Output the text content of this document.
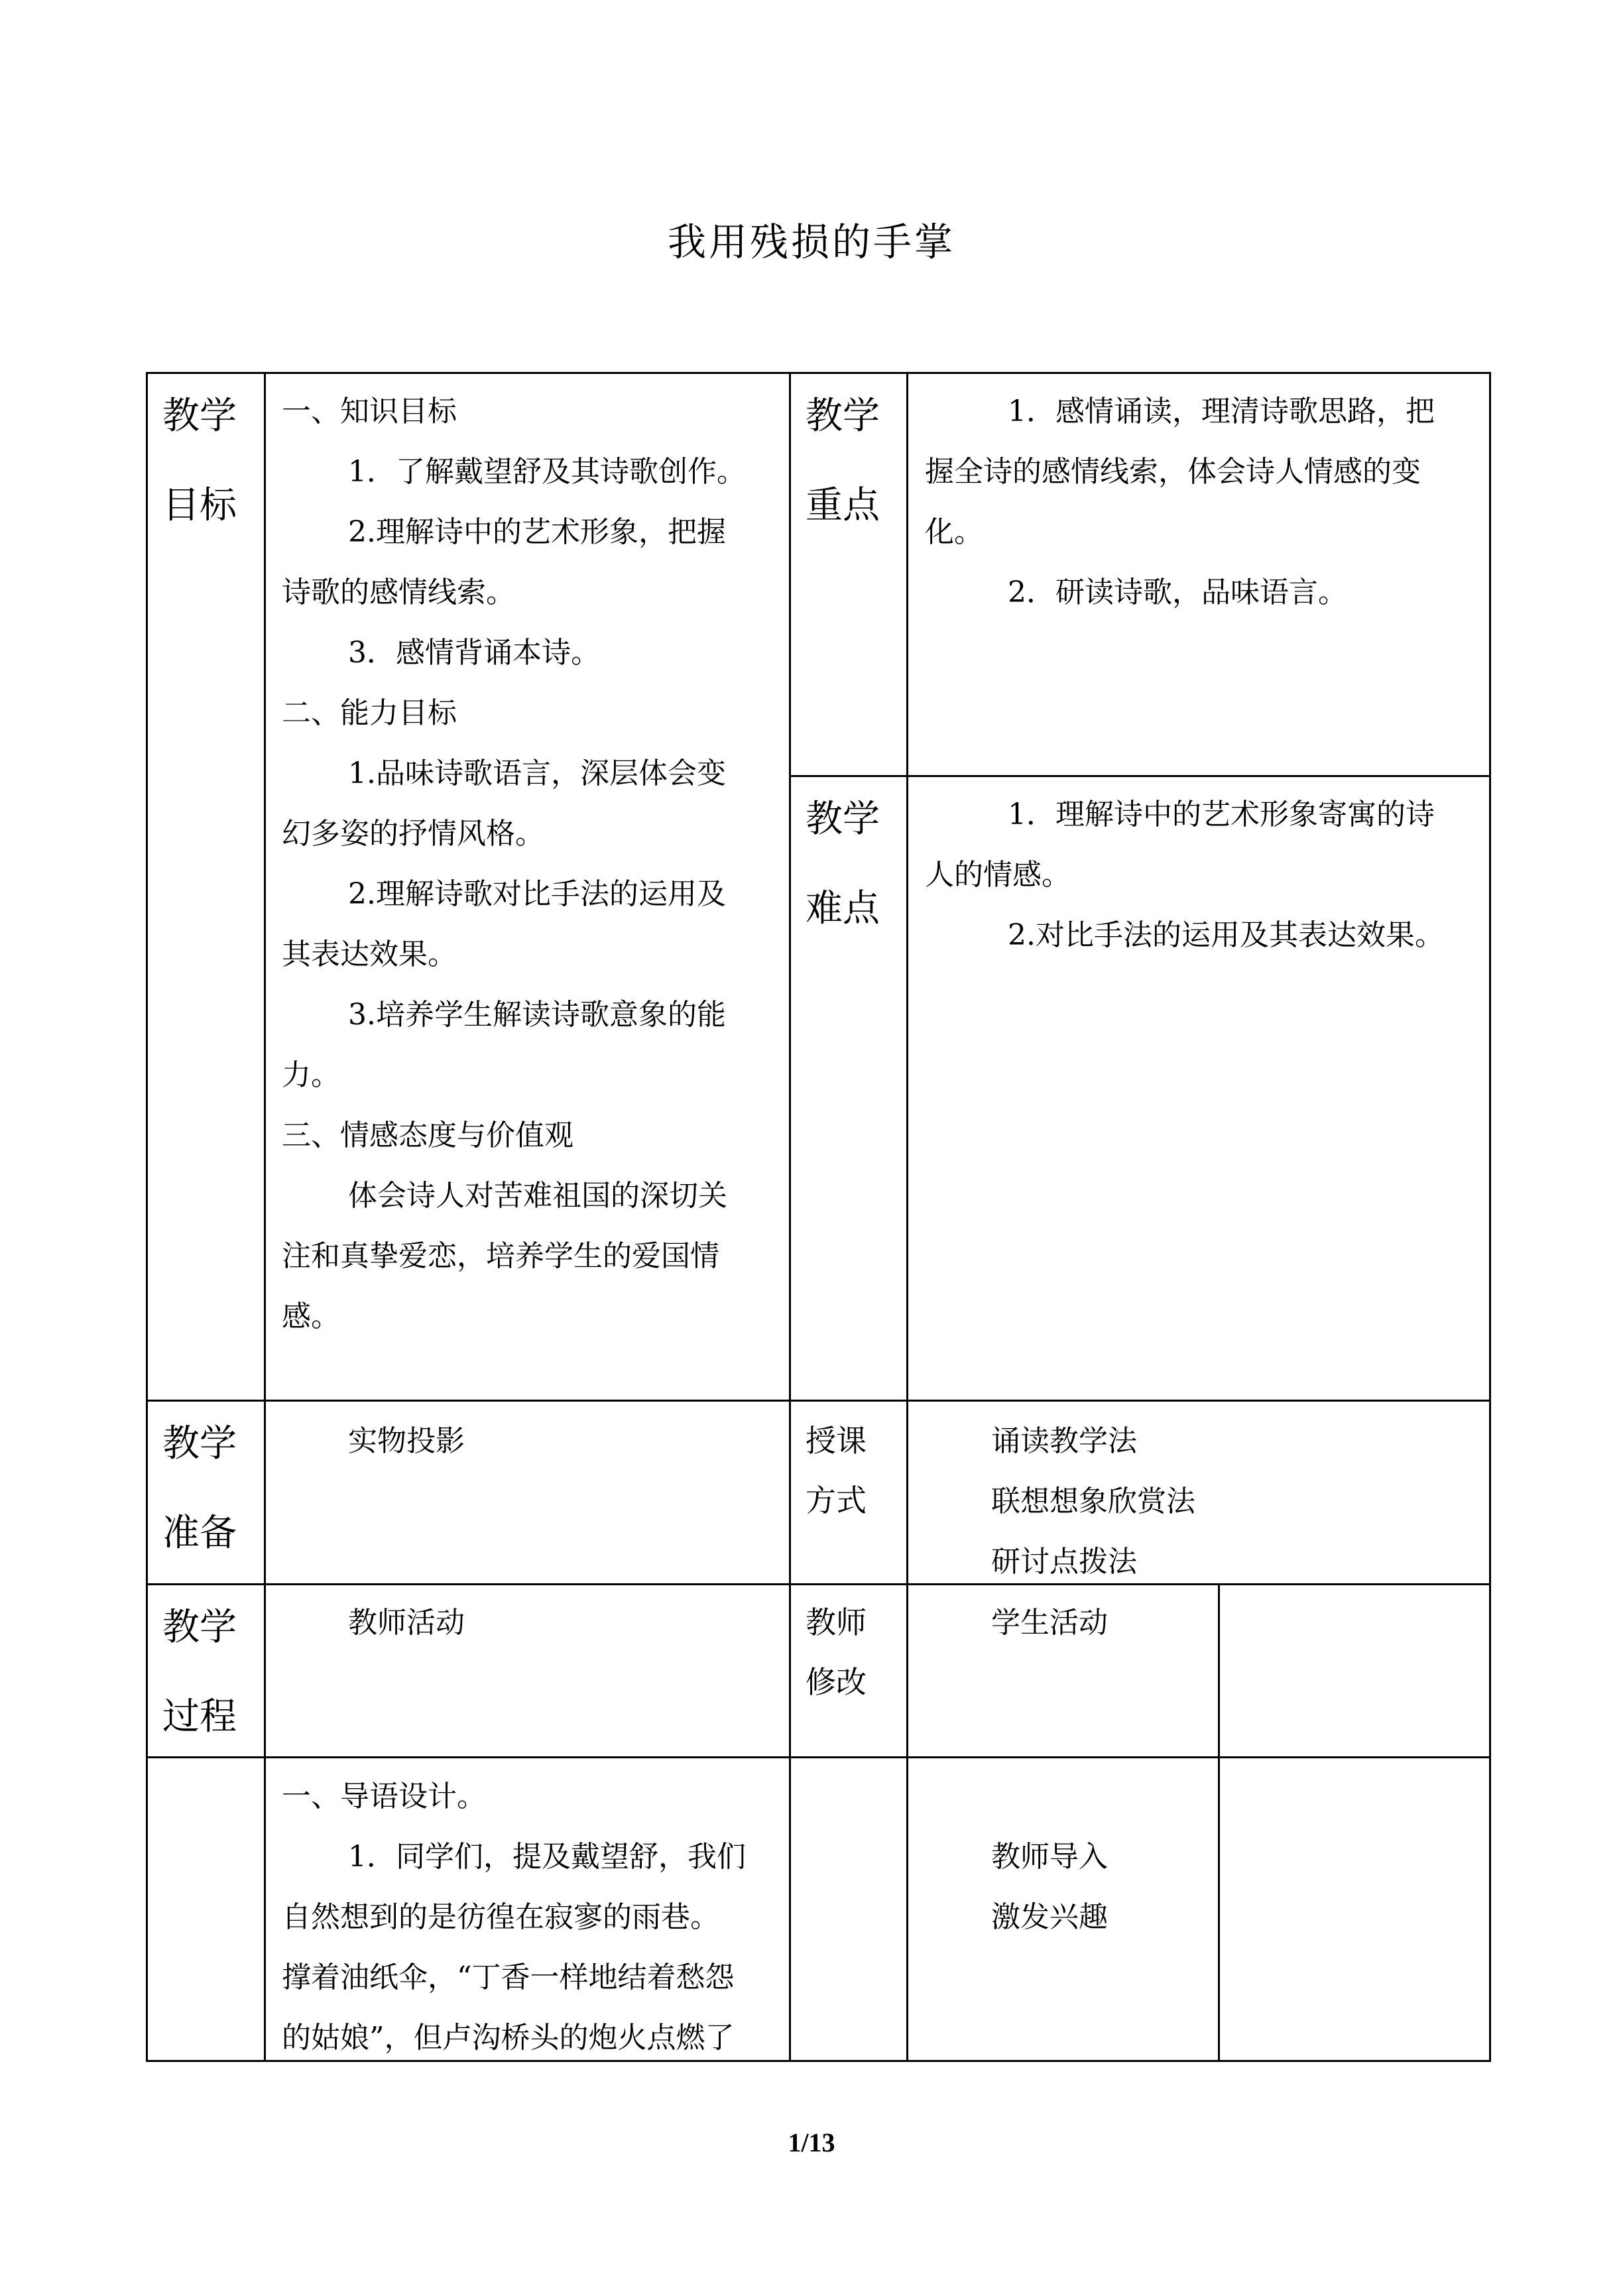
我用残损的手掌
教学
目标
一、知识目标
1．了解戴望舒及其诗歌创作。
2.理解诗中的艺术形象，把握
诗歌的感情线索。
3．感情背诵本诗。
二、能力目标
1.品味诗歌语言，深层体会变
幻多姿的抒情风格。
2.理解诗歌对比手法的运用及
其表达效果。
3.培养学生解读诗歌意象的能
力。
三、情感态度与价值观
体会诗人对苦难祖国的深切关
注和真挚爱恋，培养学生的爱国情
感。
教学
重点
1．感情诵读，理清诗歌思路，把
握全诗的感情线索，体会诗人情感的变
化。
2．研读诗歌，品味语言。
教学
难点
1．理解诗中的艺术形象寄寓的诗
人的情感。
2.对比手法的运用及其表达效果。
教学
准备
实物投影	授课
方式
诵读教学法
联想想象欣赏法
研讨点拨法
教学
过程
教师活动	教师
修改
学生活动
一、导语设计。
1．同学们，提及戴望舒，我们
自然想到的是彷徨在寂寥的雨巷。
撑着油纸伞，“丁香一样地结着愁怨
的姑娘”，但卢沟桥头的炮火点燃了
教师导入
激发兴趣
1/13
